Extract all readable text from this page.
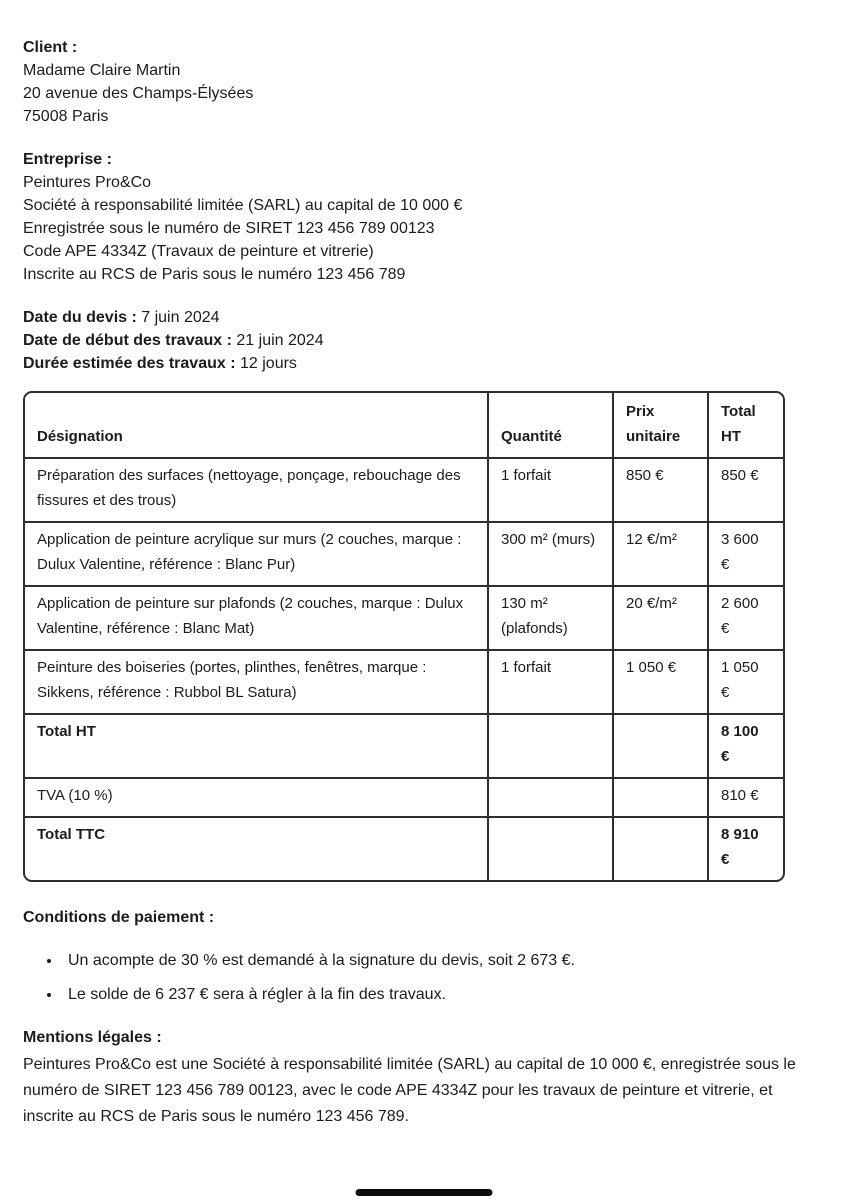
Client :
Madame Claire Martin
20 avenue des Champs-Élysées
75008 Paris
Entreprise :
Peintures Pro&Co
Société à responsabilité limitée (SARL) au capital de 10 000 €
Enregistrée sous le numéro de SIRET 123 456 789 00123
Code APE 4334Z (Travaux de peinture et vitrerie)
Inscrite au RCS de Paris sous le numéro 123 456 789
Date du devis : 7 juin 2024
Date de début des travaux : 21 juin 2024
Durée estimée des travaux : 12 jours
Désignation	Quantité	Prix unitaire	Total HT
Préparation des surfaces (nettoyage, ponçage, rebouchage des fissures et des trous)	1 forfait	850 €	850 €
Application de peinture acrylique sur murs (2 couches, marque : Dulux Valentine, référence : Blanc Pur)	300 m² (murs)	12 €/m²	3 600 €
Application de peinture sur plafonds (2 couches, marque : Dulux Valentine, référence : Blanc Mat)	130 m² (plafonds)	20 €/m²	2 600 €
Peinture des boiseries (portes, plinthes, fenêtres, marque : Sikkens, référence : Rubbol BL Satura)	1 forfait	1 050 €	1 050 €
Total HT			8 100 €
TVA (10 %)			810 €
Total TTC			8 910 €
Conditions de paiement :
• Un acompte de 30 % est demandé à la signature du devis, soit 2 673 €.
• Le solde de 6 237 € sera à régler à la fin des travaux.
Mentions légales :

Peintures Pro&Co est une Société à responsabilité limitée (SARL) au capital de 10 000 €, enregistrée sous le numéro de SIRET 123 456 789 00123, avec le code APE 4334Z pour les travaux de peinture et vitrerie, et inscrite au RCS de Paris sous le numéro 123 456 789.
